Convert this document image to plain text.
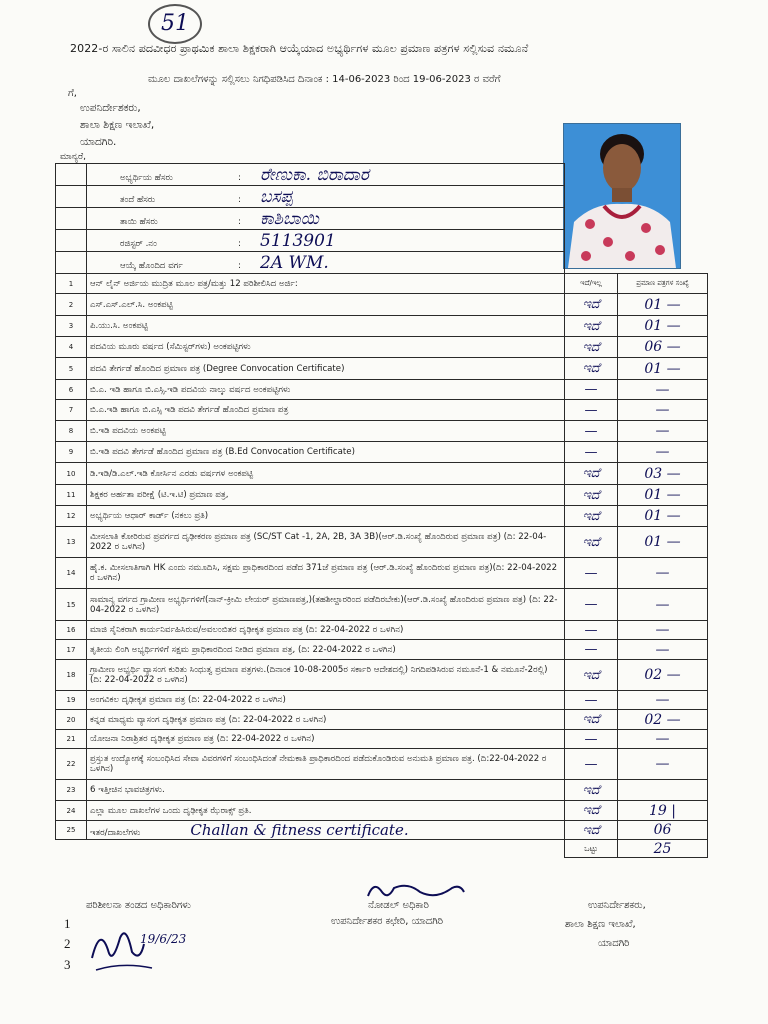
51
2022-ರ ಸಾಲಿನ ಪದವೀಧರ ಪ್ರಾಥಮಿಕ ಶಾಲಾ ಶಿಕ್ಷಕರಾಗಿ ಆಯ್ಕೆಯಾದ ಅಭ್ಯರ್ಥಿಗಳ ಮೂಲ ಪ್ರಮಾಣ ಪತ್ರಗಳ ಸಲ್ಲಿಸುವ ನಮೂನೆ
ಮೂಲ ದಾಖಲೆಗಳನ್ನು ಸಲ್ಲಿಸಲು ನಿಗಧಿಪಡಿಸಿದ ದಿನಾಂಕ : 14-06-2023 ರಿಂದ 19-06-2023 ರ ವರೆಗೆ
ಗೆ,
ಉಪನಿರ್ದೇಶಕರು,
ಶಾಲಾ ಶಿಕ್ಷಣ ಇಲಾಖೆ,
ಯಾದಗಿರಿ.
ಮಾನ್ಯರೆ,
	ಅಭ್ಯರ್ಥಿಯ ಹೆಸರು : ರೇಣುಕಾ. ಬಿರಾದಾರ
	ತಂದೆ ಹೆಸರು : ಬಸಪ್ಪ
	ತಾಯಿ ಹೆಸರು : ಕಾಶಿಬಾಯಿ
	ರಜಿಸ್ಟರ್ .ನಂ : 5113901
	ಆಯ್ಕೆ ಹೊಂದಿದ ವರ್ಗ : 2A WM.
1	ಆನ್ ಲೈನ್ ಅರ್ಜಿಯ ಮುದ್ರಿತ ಮೂಲ ಪತ್ರ/ಮತ್ತು 12 ಪರಿಶೀಲಿಸಿದ ಅರ್ಜಿ:	ಇದೆ/ಇಲ್ಲ	ಪ್ರಮಾಣ ಪತ್ರಗಳ ಸಂಖ್ಯೆ
2	ಎಸ್.ಎಸ್.ಎಲ್.ಸಿ. ಅಂಕಪಟ್ಟಿ	ಇದೆ	01 —
3	ಪಿ.ಯು.ಸಿ. ಅಂಕಪಟ್ಟಿ	ಇದೆ	01 —
4	ಪದವಿಯ ಮೂರು ವರ್ಷದ (ಸೆಮಿಸ್ಟರ್‌ಗಳು) ಅಂಕಪಟ್ಟಿಗಳು	ಇದೆ	06 —
5	ಪದವಿ ತೇರ್ಗಡೆ ಹೊಂದಿದ ಪ್ರಮಾಣ ಪತ್ರ (Degree Convocation Certificate)	ಇದೆ	01 —
6	ಬಿ.ಎ. ಇಡಿ ಹಾಗೂ ಬಿ.ಎಸ್ಸಿ.ಇಡಿ ಪದವಿಯ ನಾಲ್ಕು ವರ್ಷದ ಅಂಕಪಟ್ಟಿಗಳು	—	—
7	ಬಿ.ಎ.ಇಡಿ ಹಾಗೂ ಬಿ.ಎಸ್ಸಿ ಇಡಿ ಪದವಿ ತೇರ್ಗಡೆ ಹೊಂದಿದ ಪ್ರಮಾಣ ಪತ್ರ	—	—
8	ಬಿ.ಇಡಿ ಪದವಿಯ ಅಂಕಪಟ್ಟಿ	—	—
9	ಬಿ.ಇಡಿ ಪದವಿ ತೇರ್ಗಡೆ ಹೊಂದಿದ ಪ್ರಮಾಣ ಪತ್ರ (B.Ed Convocation Certificate)	—	—
10	ಡಿ.ಇಡಿ/ಡಿ.ಎಲ್.ಇಡಿ ಕೋರ್ಸಿನ ಎರಡು ವರ್ಷಗಳ ಅಂಕಪಟ್ಟಿ	ಇದೆ	03 —
11	ಶಿಕ್ಷಕರ ಅರ್ಹತಾ ಪರೀಕ್ಷೆ (ಟಿ.ಇ.ಟಿ) ಪ್ರಮಾಣ ಪತ್ರ,	ಇದೆ	01 —
12	ಅಭ್ಯರ್ಥಿಯ ಆಧಾರ್ ಕಾರ್ಡ್ (ನಕಲು ಪ್ರತಿ)	ಇದೆ	01 —
13	ಮೀಸಲಾತಿ ಕೋರಿರುವ ಪ್ರವರ್ಗದ ದೃಢೀಕರಣ ಪ್ರಮಾಣ ಪತ್ರ (SC/ST Cat -1, 2A, 2B, 3A 3B)(ಆರ್.ಡಿ.ಸಂಖ್ಯೆ ಹೊಂದಿರುವ ಪ್ರಮಾಣ ಪತ್ರ) (ದಿ: 22-04-2022 ರ ಒಳಗಿನ)	ಇದೆ	01 —
14	ಹೈ.ಕ. ಮೀಸಲಾತಿಗಾಗಿ HK ಎಂದು ನಮೂದಿಸಿ, ಸಕ್ಷಮ ಪ್ರಾಧಿಕಾರದಿಂದ ಪಡೆದ 371ಜೆ ಪ್ರಮಾಣ ಪತ್ರ (ಆರ್.ಡಿ.ಸಂಖ್ಯೆ ಹೊಂದಿರುವ ಪ್ರಮಾಣ ಪತ್ರ)(ದಿ: 22-04-2022 ರ ಒಳಗಿನ)	—	—
15	ಸಾಮಾನ್ಯ ವರ್ಗದ ಗ್ರಾಮೀಣ ಅಭ್ಯರ್ಥಿಗಳಿಗೆ(ನಾನ್-ಕ್ರೀಮಿ ಲೇಯರ್ ಪ್ರಮಾಣಪತ್ರ,)(ತಹಶೀಲ್ದಾರರಿಂದ ಪಡೆದಿರಬೇಕು)(ಆರ್.ಡಿ.ಸಂಖ್ಯೆ ಹೊಂದಿರುವ ಪ್ರಮಾಣ ಪತ್ರ) (ದಿ: 22-04-2022 ರ ಒಳಗಿನ)	—	—
16	ಮಾಜಿ ಸೈನಿಕರಾಗಿ ಕಾರ್ಯನಿರ್ವಹಿಸಿರುವ/ಅವಲಂಬಿತರ ದೃಢೀಕೃತ ಪ್ರಮಾಣ ಪತ್ರ (ದಿ: 22-04-2022 ರ ಒಳಗಿನ)	—	—
17	ತೃತೀಯ ಲಿಂಗಿ ಅಭ್ಯರ್ಥಿಗಳಿಗೆ ಸಕ್ಷಮ ಪ್ರಾಧಿಕಾರದಿಂದ ನೀಡಿದ ಪ್ರಮಾಣ ಪತ್ರ, (ದಿ: 22-04-2022 ರ ಒಳಗಿನ)	—	—
18	ಗ್ರಾಮೀಣ ಅಭ್ಯರ್ಥಿ ವ್ಯಾಸಂಗ ಕುರಿತು ಸಿಂಧುತ್ವ ಪ್ರಮಾಣ ಪತ್ರಗಳು.(ದಿನಾಂಕ 10-08-2005ರ ಸರ್ಕಾರಿ ಆದೇಶದಲ್ಲಿ) ನಿಗದಿಪಡಿಸಿರುವ ನಮೂನೆ-1 & ನಮೂನೆ-2ರಲ್ಲಿ) (ದಿ: 22-04-2022 ರ ಒಳಗಿನ)	ಇದೆ	02 —
19	ಅಂಗವಿಕಲ ದೃಢೀಕೃತ ಪ್ರಮಾಣ ಪತ್ರ (ದಿ: 22-04-2022 ರ ಒಳಗಿನ)	—	—
20	ಕನ್ನಡ ಮಾಧ್ಯಮ ವ್ಯಾಸಂಗ ದೃಢೀಕೃತ ಪ್ರಮಾಣ ಪತ್ರ (ದಿ: 22-04-2022 ರ ಒಳಗಿನ)	ಇದೆ	02 —
21	ಯೋಜನಾ ನಿರಾಶ್ರಿತರ ದೃಢೀಕೃತ ಪ್ರಮಾಣ ಪತ್ರ (ದಿ: 22-04-2022 ರ ಒಳಗಿನ)	—	—
22	ಪ್ರಸ್ತುತ ಉದ್ಯೋಗಕ್ಕೆ ಸಂಬಂಧಿಸಿದ ಸೇವಾ ವಿವರಗಳಿಗೆ ಸಂಬಂಧಿಸಿದಂತೆ ನೇಮಕಾತಿ ಪ್ರಾಧಿಕಾರದಿಂದ ಪಡೆದುಕೊಂಡಿರುವ ಅನುಮತಿ ಪ್ರಮಾಣ ಪತ್ರ. (ದಿ:22-04-2022 ರ ಒಳಗಿನ)	—	—
23	6 ಇತ್ತೀಚಿನ ಭಾವಚಿತ್ರಗಳು.	ಇದೆ	
24	ಎಲ್ಲಾ ಮೂಲ ದಾಖಲೆಗಳ ಒಂದು ದೃಢೀಕೃತ ಝೆರಾಕ್ಸ್ ಪ್ರತಿ.	ಇದೆ	19 |
25	ಇತರ/ದಾಖಲೆಗಳು Challan & fitness certificate.	ಇದೆ	06
		ಒಟ್ಟು	25
ಪರಿಶೀಲನಾ ತಂಡದ ಅಧಿಕಾರಿಗಳು
1
2
3
19/6/23
ನೋಡಲ್ ಅಧಿಕಾರಿ
ಉಪನಿರ್ದೇಶಕರ ಕಛೇರಿ, ಯಾದಗಿರಿ
ಉಪನಿರ್ದೇಶಕರು,
ಶಾಲಾ ಶಿಕ್ಷಣ ಇಲಾಖೆ,
ಯಾದಗಿರಿ
